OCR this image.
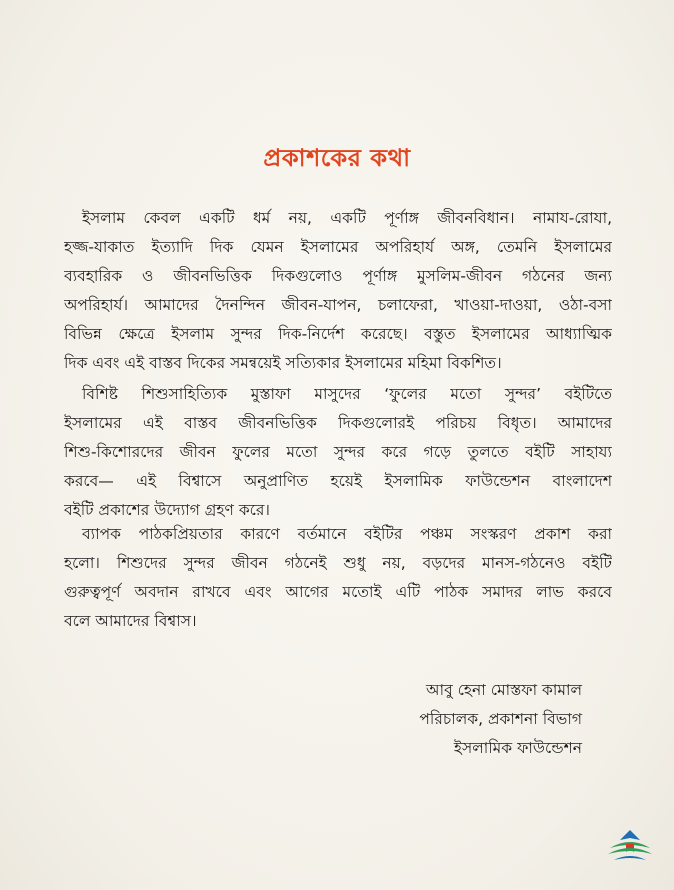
প্রকাশকের কথা
ইসলাম কেবল একটি ধর্ম নয়, একটি পূর্ণাঙ্গ জীবনবিধান। নামায-রোযা,
হজ্জ-যাকাত ইত্যাদি দিক যেমন ইসলামের অপরিহার্য অঙ্গ, তেমনি ইসলামের
ব্যবহারিক ও জীবনভিত্তিক দিকগুলোও পূর্ণাঙ্গ মুসলিম-জীবন গঠনের জন্য
অপরিহার্য। আমাদের দৈনন্দিন জীবন-যাপন, চলাফেরা, খাওয়া-দাওয়া, ওঠা-বসা
বিভিন্ন ক্ষেত্রে ইসলাম সুন্দর দিক-নির্দেশ করেছে। বস্তুত ইসলামের আধ্যাত্মিক
দিক এবং এই বাস্তব দিকের সমন্বয়েই সত্যিকার ইসলামের মহিমা বিকশিত।
বিশিষ্ট শিশুসাহিত্যিক মুস্তাফা মাসুদের ‘ফুলের মতো সুন্দর’ বইটিতে
ইসলামের এই বাস্তব জীবনভিত্তিক দিকগুলোরই পরিচয় বিধৃত। আমাদের
শিশু-কিশোরদের জীবন ফুলের মতো সুন্দর করে গড়ে তুলতে বইটি সাহায্য
করবে— এই বিশ্বাসে অনুপ্রাণিত হয়েই ইসলামিক ফাউন্ডেশন বাংলাদেশ
বইটি প্রকাশের উদ্যোগ গ্রহণ করে।
ব্যাপক পাঠকপ্রিয়তার কারণে বর্তমানে বইটির পঞ্চম সংস্করণ প্রকাশ করা
হলো। শিশুদের সুন্দর জীবন গঠনেই শুধু নয়, বড়দের মানস-গঠনেও বইটি
গুরুত্বপূর্ণ অবদান রাখবে এবং আগের মতোই এটি পাঠক সমাদর লাভ করবে
বলে আমাদের বিশ্বাস।
আবু হেনা মোস্তফা কামাল
পরিচালক, প্রকাশনা বিভাগ
ইসলামিক ফাউন্ডেশন
